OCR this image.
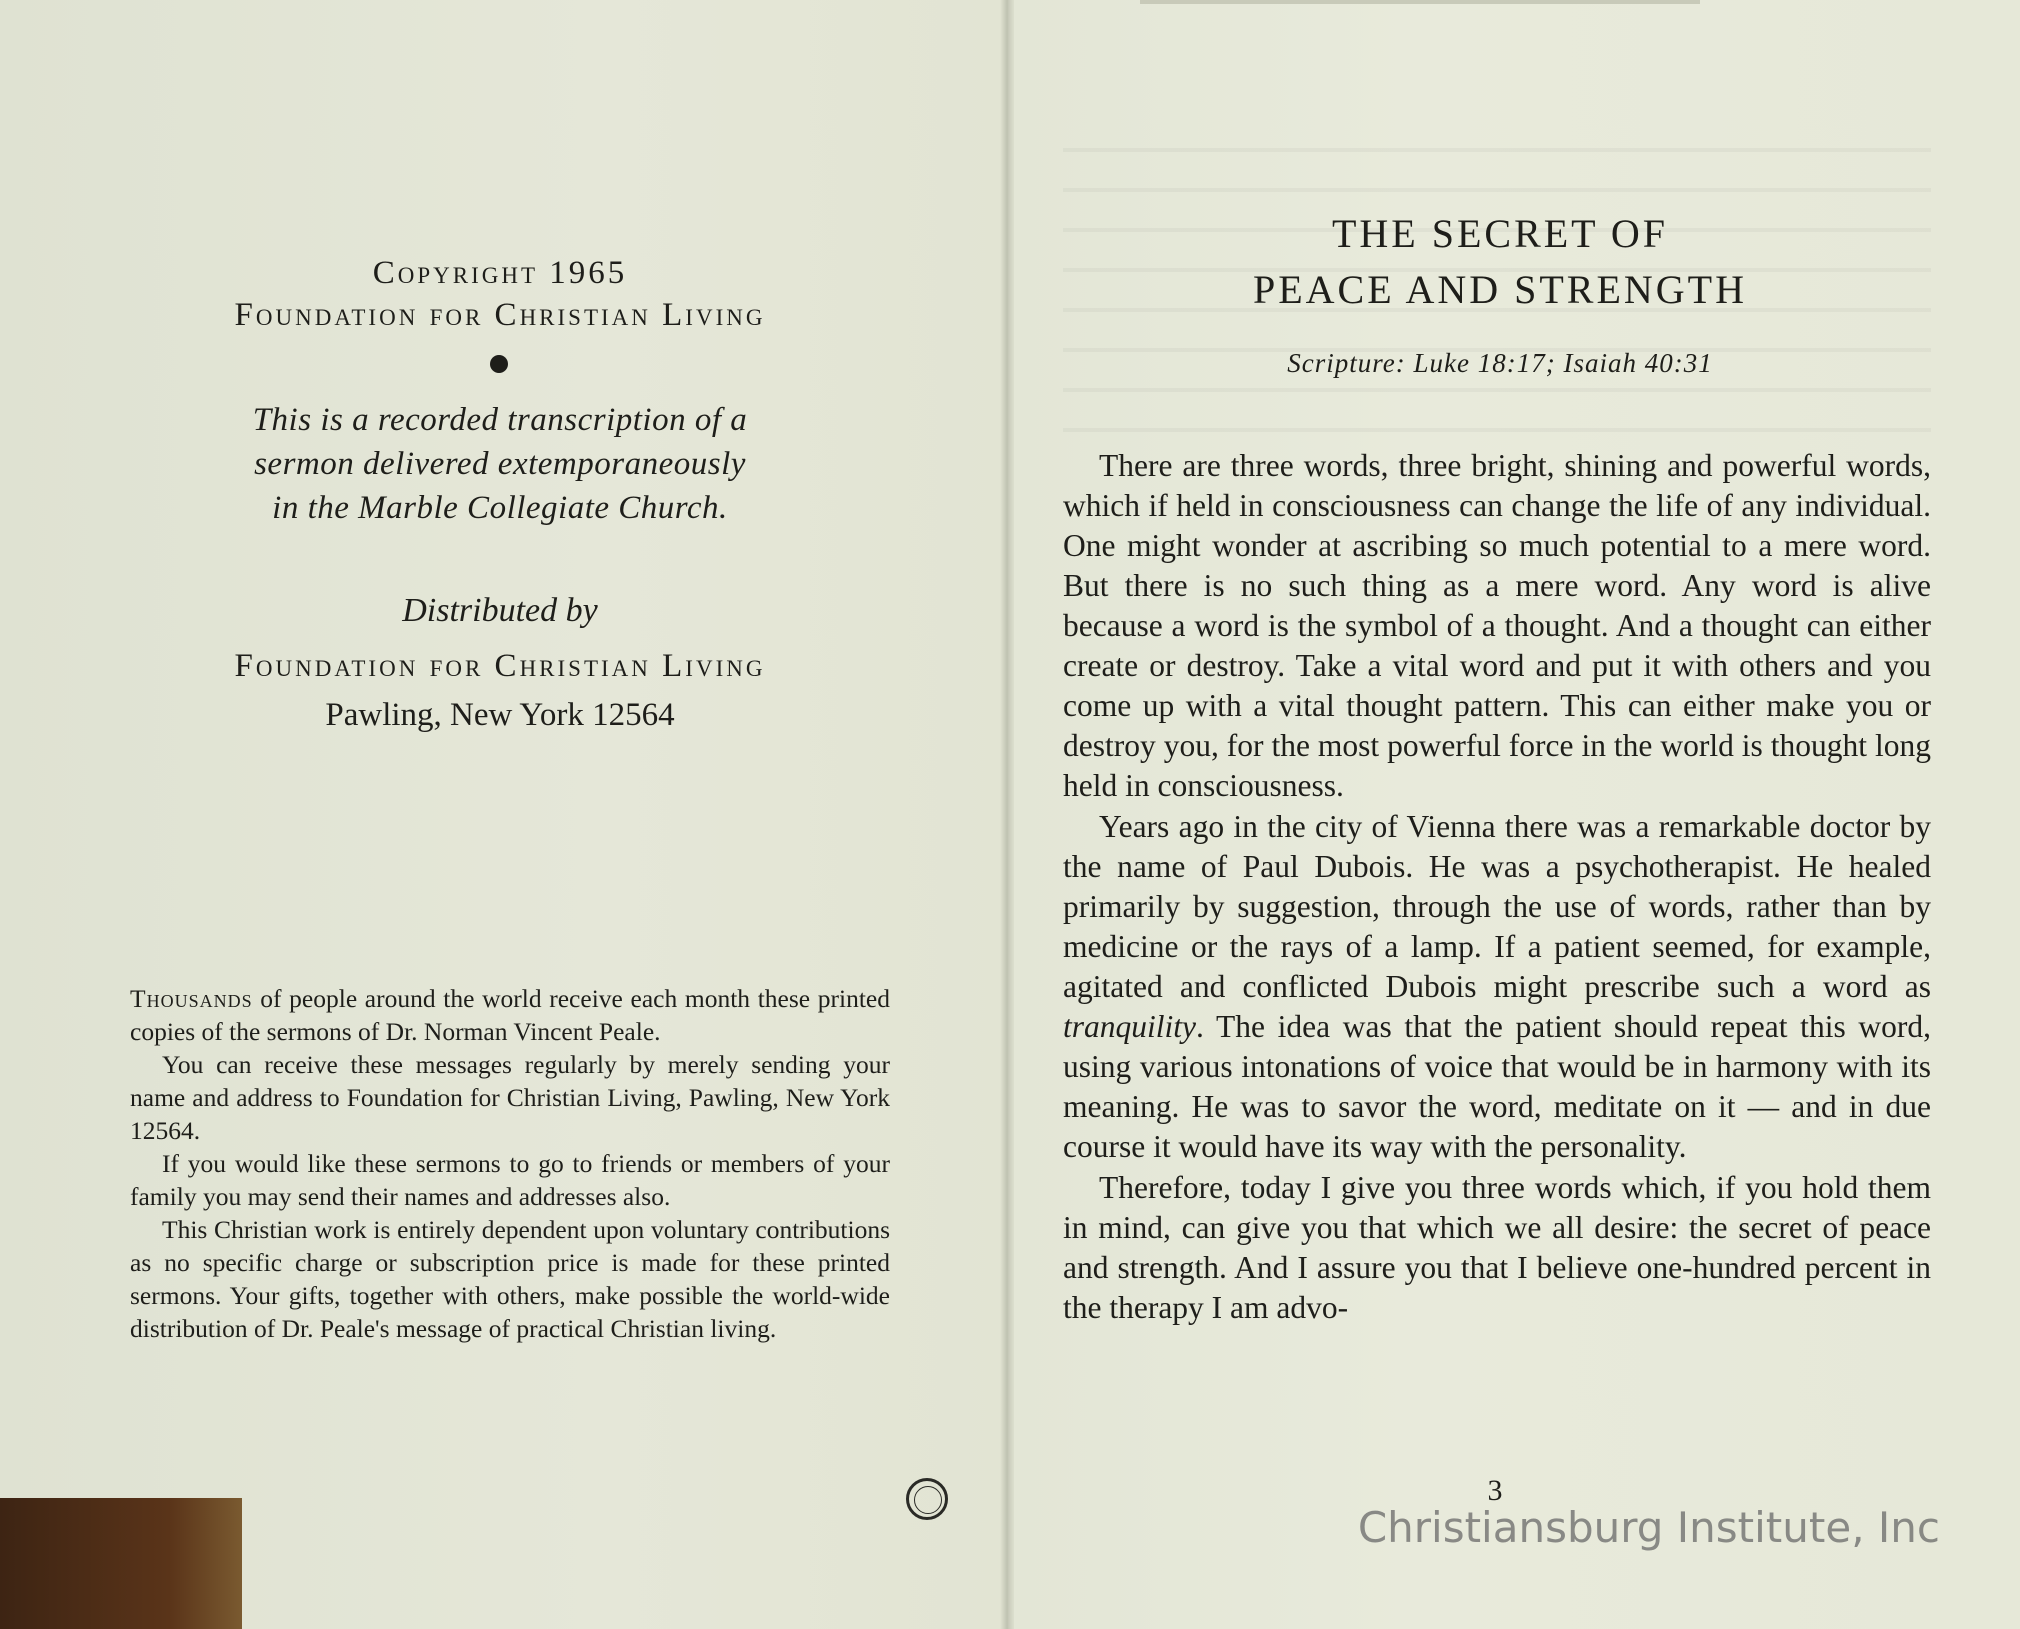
Copyright 1965
Foundation for Christian Living
This is a recorded transcription of a
sermon delivered extemporaneously
in the Marble Collegiate Church.
Distributed by
Foundation for Christian Living
Pawling, New York 12564

Thousands of people around the world receive each month these printed copies of the sermons of Dr. Norman Vincent Peale.

You can receive these messages regularly by merely sending your name and address to Foundation for Christian Living, Pawling, New York 12564.

If you would like these sermons to go to friends or members of your family you may send their names and addresses also.

This Christian work is entirely dependent upon voluntary contributions as no specific charge or subscription price is made for these printed sermons. Your gifts, together with others, make possible the world-wide distribution of Dr. Peale's message of practical Christian living.

THE SECRET OF
PEACE AND STRENGTH
Scripture: Luke 18:17; Isaiah 40:31

There are three words, three bright, shining and powerful words, which if held in consciousness can change the life of any individual. One might wonder at ascribing so much potential to a mere word. But there is no such thing as a mere word. Any word is alive because a word is the symbol of a thought. And a thought can either create or destroy. Take a vital word and put it with others and you come up with a vital thought pattern. This can either make you or destroy you, for the most powerful force in the world is thought long held in consciousness.

Years ago in the city of Vienna there was a remarkable doctor by the name of Paul Dubois. He was a psychotherapist. He healed primarily by suggestion, through the use of words, rather than by medicine or the rays of a lamp. If a patient seemed, for example, agitated and conflicted Dubois might prescribe such a word as tranquility. The idea was that the patient should repeat this word, using various intonations of voice that would be in harmony with its meaning. He was to savor the word, meditate on it — and in due course it would have its way with the personality.

Therefore, today I give you three words which, if you hold them in mind, can give you that which we all desire: the secret of peace and strength. And I assure you that I believe one-hundred percent in the therapy I am advo-

3
Christiansburg Institute, Inc
